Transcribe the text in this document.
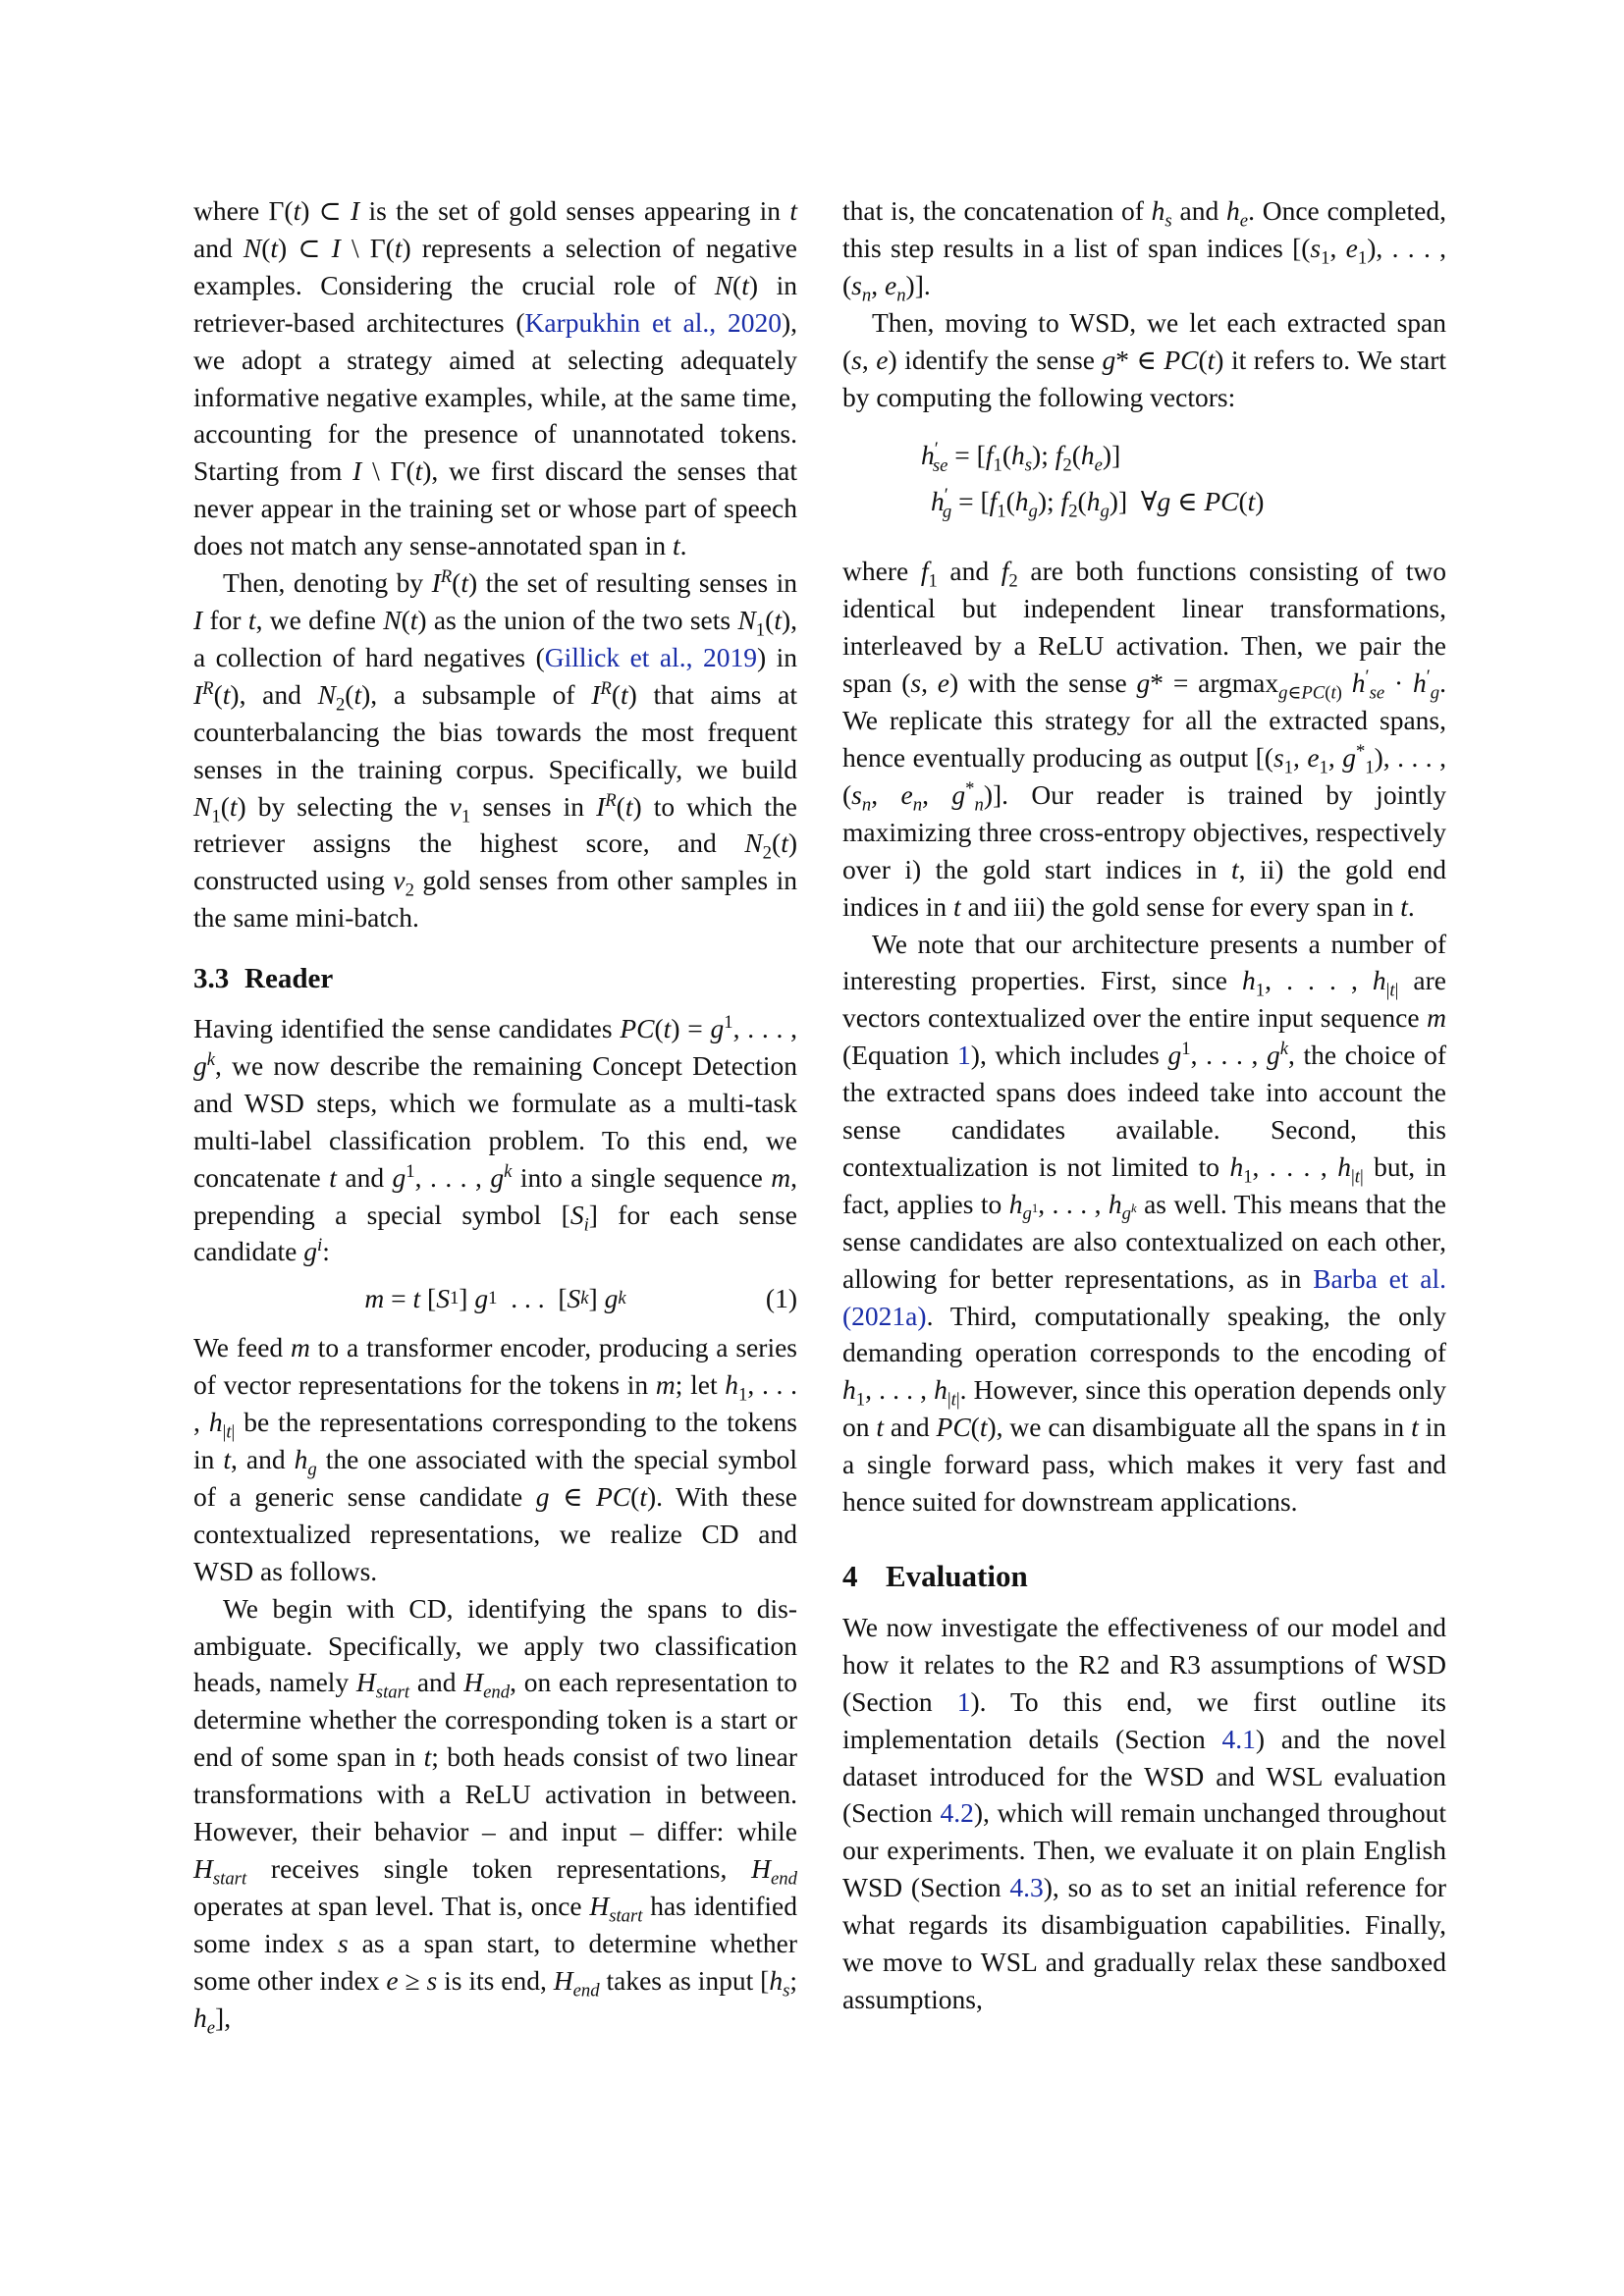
where Γ(t) ⊂ I is the set of gold senses appearing in t and N(t) ⊂ I \ Γ(t) represents a selection of negative examples. Considering the crucial role of N(t) in retriever-based architectures (Karpukhin et al., 2020), we adopt a strategy aimed at selecting adequately informative negative examples, while, at the same time, accounting for the presence of unannotated tokens. Starting from I \ Γ(t), we first discard the senses that never appear in the training set or whose part of speech does not match any sense-annotated span in t.

Then, denoting by $I^R(t)$ the set of resulting senses in I for t, we define N(t) as the union of the two sets $N_1(t)$, a collection of hard negatives (Gillick et al., 2019) in $I^R(t)$, and $N_2(t)$, a subsample of $I^R(t)$ that aims at counterbalancing the bias towards the most frequent senses in the training corpus. Specifically, we build $N_1(t)$ by selecting the $\nu_1$ senses in $I^R(t)$ to which the retriever assigns the highest score, and $N_2(t)$ constructed using $\nu_2$ gold senses from other samples in the same mini-batch.

3.3 Reader

Having identified the sense candidates $PC(t) = g^1$, . . . , $g^k$, we now describe the remaining Concept Detection and WSD steps, which we formulate as a multi-task multi-label classification problem. To this end, we concatenate t and $g^1$, . . . , $g^k$ into a single sequence m, prepending a special symbol $[S_i]$ for each sense candidate $g^i$:

m
=
t
[ S 1 ] g 1
. . .
[ S k ] g k	(1)

We feed m to a transformer encoder, producing a series of vector representations for the tokens in m; let $h_1$, . . . , $h_{|t|}$ be the representations corresponding to the tokens in t, and $h_g$ the one associated with the special symbol of a generic sense candidate g ∈ PC(t). With these contextualized representations, we realize CD and WSD as follows.

We begin with CD, identifying the spans to disambiguate. Specifically, we apply two classification heads, namely $H_{start}$ and $H_{end}$, on each representation to determine whether the corresponding token is a start or end of some span in t; both heads consist of two linear transformations with a ReLU activation in between. However, their behavior – and input – differ: while $H_{start}$ receives single token representations, $H_{end}$ operates at span level. That is, once $H_{start}$ has identified some index s as a span start, to determine whether some other index e ≥ s is its end, $H_{end}$ takes as input [$h_s$; $h_e$],

that is, the concatenation of $h_s$ and $h_e$. Once completed, this step results in a list of span indices [($s_1$, $e_1$), . . . , ($s_n$, $e_n$)].

Then, moving to WSD, we let each extracted span (s, e) identify the sense g* ∈ PC(t) it refers to. We start by computing the following vectors:

$h'_{se} = [f_1(h_s)$; $f_2(h_e)$]
$h'_g = [f_1(h_g)$; $f_2(h_g)$] ∀g ∈ PC(t)

where $f_1$ and $f_2$ are both functions consisting of two identical but independent linear transformations, interleaved by a ReLU activation. Then, we pair the span (s, e) with the sense g* = argmax$_{g\in PC(t)}$ $h'_{se} \cdot h'_g$. We replicate this strategy for all the extracted spans, hence eventually producing as output [($s_1$, $e_1$, $g^*_1$), . . . , ($s_n$, $e_n$, $g^*_n$)]. Our reader is trained by jointly maximizing three cross-entropy objectives, respectively over i) the gold start indices in t, ii) the gold end indices in t and iii) the gold sense for every span in t.

We note that our architecture presents a number of interesting properties. First, since $h_1$, . . . , $h_{|t|}$ are vectors contextualized over the entire input sequence m (Equation 1), which includes $g^1$, . . . , $g^k$, the choice of the extracted spans does indeed take into account the sense candidates available. Second, this contextualization is not limited to $h_1$, . . . , $h_{|t|}$ but, in fact, applies to $h_{g^1}$, . . . , $h_{g^k}$ as well. This means that the sense candidates are also contextualized on each other, allowing for better representations, as in Barba et al. (2021a). Third, computationally speaking, the only demanding operation corresponds to the encoding of $h_1$, . . . , $h_{|t|}$. However, since this operation depends only on t and PC(t), we can disambiguate all the spans in t in a single forward pass, which makes it very fast and hence suited for downstream applications.

4 Evaluation

We now investigate the effectiveness of our model and how it relates to the R2 and R3 assumptions of WSD (Section 1). To this end, we first outline its implementation details (Section 4.1) and the novel dataset introduced for the WSD and WSL evaluation (Section 4.2), which will remain unchanged throughout our experiments. Then, we evaluate it on plain English WSD (Section 4.3), so as to set an initial reference for what regards its disambiguation capabilities. Finally, we move to WSL and gradually relax these sandboxed assumptions,
